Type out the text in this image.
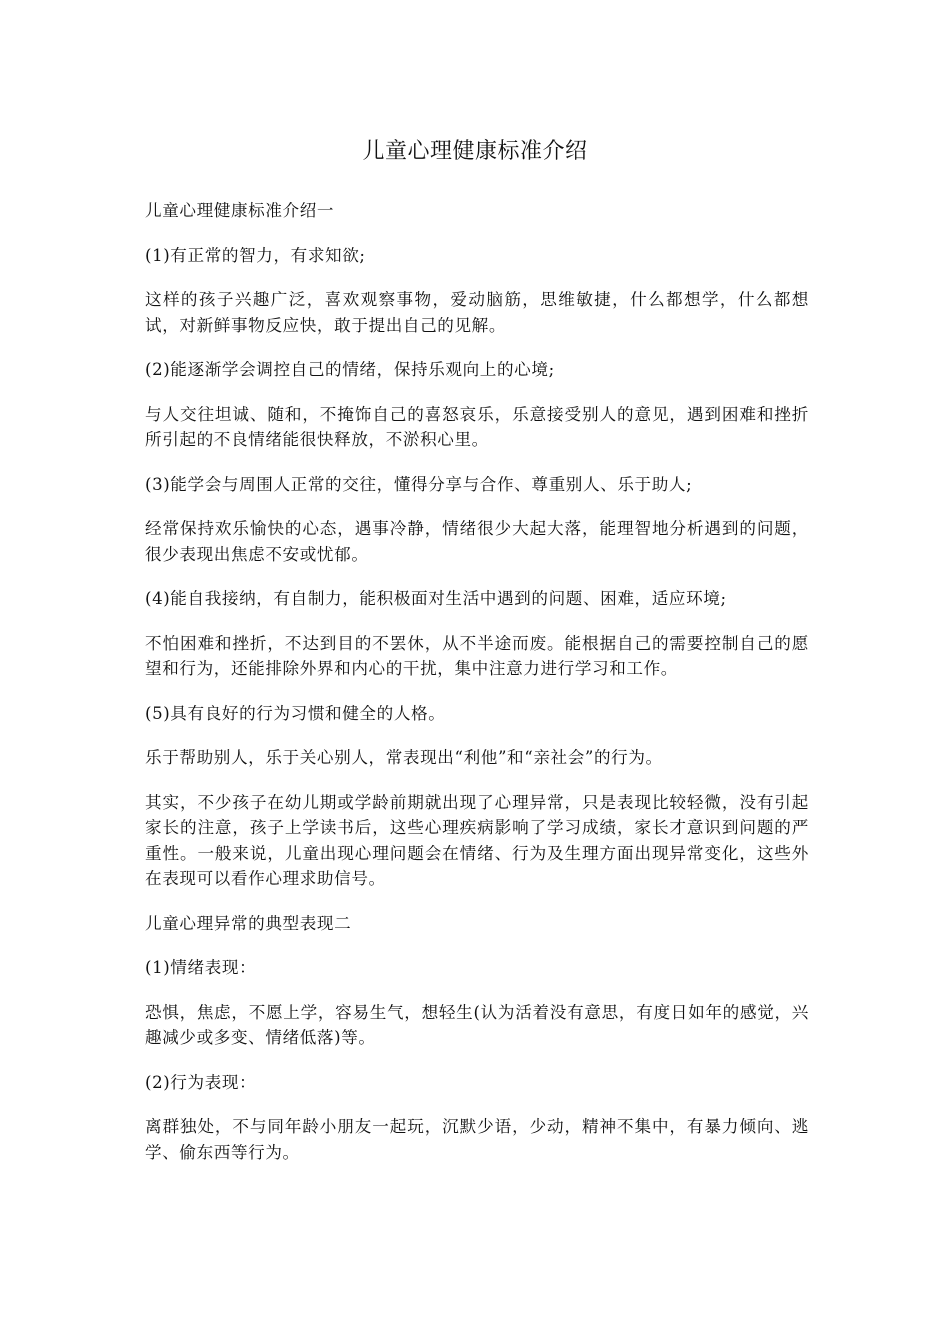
儿童心理健康标准介绍

儿童心理健康标准介绍一

(1)有正常的智力，有求知欲;

这样的孩子兴趣广泛，喜欢观察事物，爱动脑筋，思维敏捷，什么都想学，什么都想试，对新鲜事物反应快，敢于提出自己的见解。

(2)能逐渐学会调控自己的情绪，保持乐观向上的心境;

与人交往坦诚、随和，不掩饰自己的喜怒哀乐，乐意接受别人的意见，遇到困难和挫折所引起的不良情绪能很快释放，不淤积心里。

(3)能学会与周围人正常的交往，懂得分享与合作、尊重别人、乐于助人;

经常保持欢乐愉快的心态，遇事冷静，情绪很少大起大落，能理智地分析遇到的问题，很少表现出焦虑不安或忧郁。

(4)能自我接纳，有自制力，能积极面对生活中遇到的问题、困难，适应环境;

不怕困难和挫折，不达到目的不罢休，从不半途而废。能根据自己的需要控制自己的愿望和行为，还能排除外界和内心的干扰，集中注意力进行学习和工作。

(5)具有良好的行为习惯和健全的人格。

乐于帮助别人，乐于关心别人，常表现出“利他”和“亲社会”的行为。

其实，不少孩子在幼儿期或学龄前期就出现了心理异常，只是表现比较轻微，没有引起家长的注意，孩子上学读书后，这些心理疾病影响了学习成绩，家长才意识到问题的严重性。一般来说，儿童出现心理问题会在情绪、行为及生理方面出现异常变化，这些外在表现可以看作心理求助信号。

儿童心理异常的典型表现二

(1)情绪表现：

恐惧，焦虑，不愿上学，容易生气，想轻生(认为活着没有意思，有度日如年的感觉，兴趣减少或多变、情绪低落)等。

(2)行为表现：

离群独处，不与同年龄小朋友一起玩，沉默少语，少动，精神不集中，有暴力倾向、逃学、偷东西等行为。
